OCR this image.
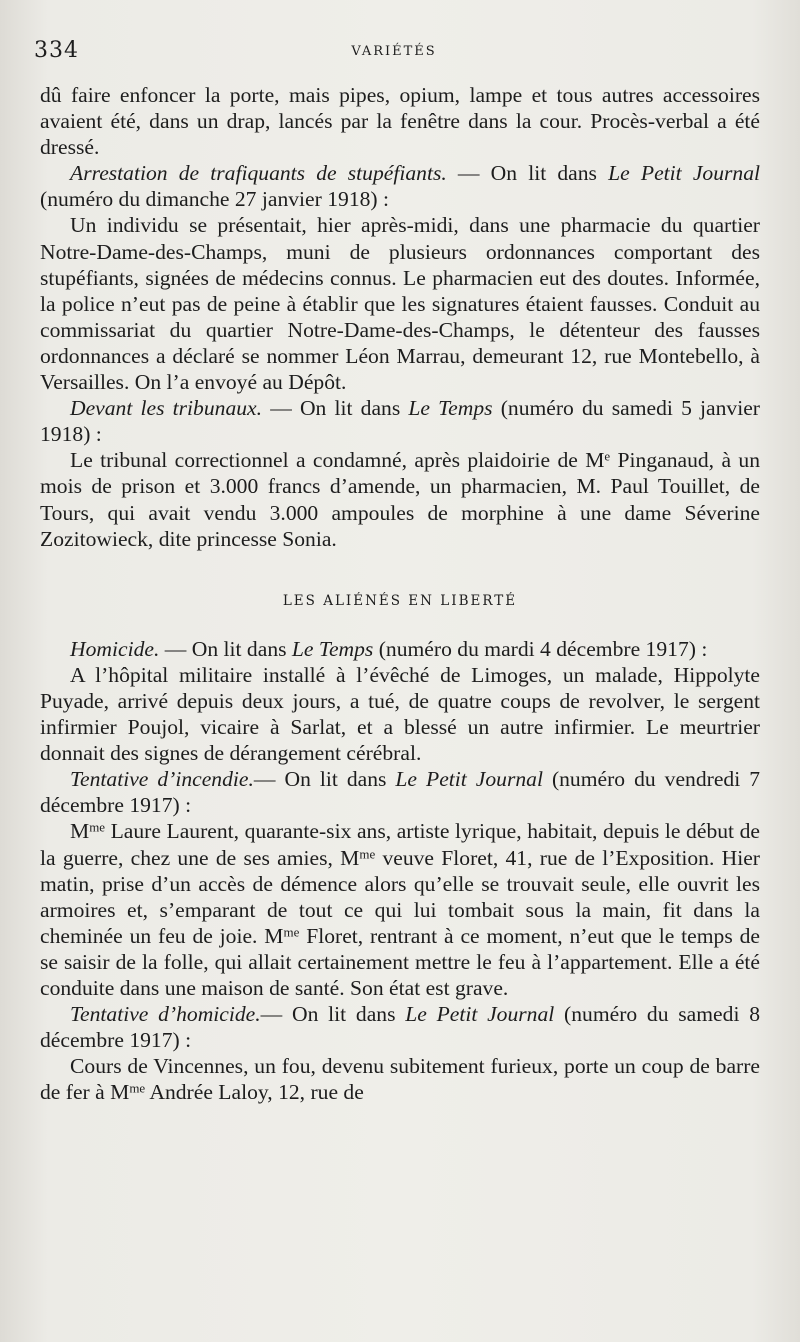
334	VARIÉTÉS

dû faire enfoncer la porte, mais pipes, opium, lampe et tous autres accessoires avaient été, dans un drap, lancés par la fenêtre dans la cour. Procès-verbal a été dressé.

Arrestation de trafiquants de stupéfiants. — On lit dans Le Petit Journal (numéro du dimanche 27 janvier 1918) :

Un individu se présentait, hier après-midi, dans une pharmacie du quartier Notre-Dame-des-Champs, muni de plusieurs ordonnances comportant des stupéfiants, signées de médecins connus. Le pharmacien eut des doutes. Informée, la police n’eut pas de peine à établir que les signatures étaient fausses. Conduit au commissariat du quartier Notre-Dame-des-Champs, le détenteur des fausses ordonnances a déclaré se nommer Léon Marrau, demeurant 12, rue Montebello, à Versailles. On l’a envoyé au Dépôt.

Devant les tribunaux. — On lit dans Le Temps (numéro du samedi 5 janvier 1918) :

Le tribunal correctionnel a condamné, après plaidoirie de Me Pinganaud, à un mois de prison et 3.000 francs d’amende, un pharmacien, M. Paul Touillet, de Tours, qui avait vendu 3.000 ampoules de morphine à une dame Séverine Zozitowieck, dite princesse Sonia.

LES ALIÉNÉS EN LIBERTÉ

Homicide. — On lit dans Le Temps (numéro du mardi 4 décembre 1917) :

A l’hôpital militaire installé à l’évêché de Limoges, un malade, Hippolyte Puyade, arrivé depuis deux jours, a tué, de quatre coups de revolver, le sergent infirmier Poujol, vicaire à Sarlat, et a blessé un autre infirmier. Le meurtrier donnait des signes de dérangement cérébral.

Tentative d’incendie.— On lit dans Le Petit Journal (numéro du vendredi 7 décembre 1917) :

$M^{me}$ Laure Laurent, quarante-six ans, artiste lyrique, habitait, depuis le début de la guerre, chez une de ses amies, $M^{me}$ veuve Floret, 41, rue de l’Exposition. Hier matin, prise d’un accès de démence alors qu’elle se trouvait seule, elle ouvrit les armoires et, s’emparant de tout ce qui lui tombait sous la main, fit dans la cheminée un feu de joie. $M^{me}$ Floret, rentrant à ce moment, n’eut que le temps de se saisir de la folle, qui allait certainement mettre le feu à l’appartement. Elle a été conduite dans une maison de santé. Son état est grave.

Tentative d’homicide.— On lit dans Le Petit Journal (numéro du samedi 8 décembre 1917) :

Cours de Vincennes, un fou, devenu subitement furieux, porte un coup de barre de fer à $M^{me}$ Andrée Laloy, 12, rue de
